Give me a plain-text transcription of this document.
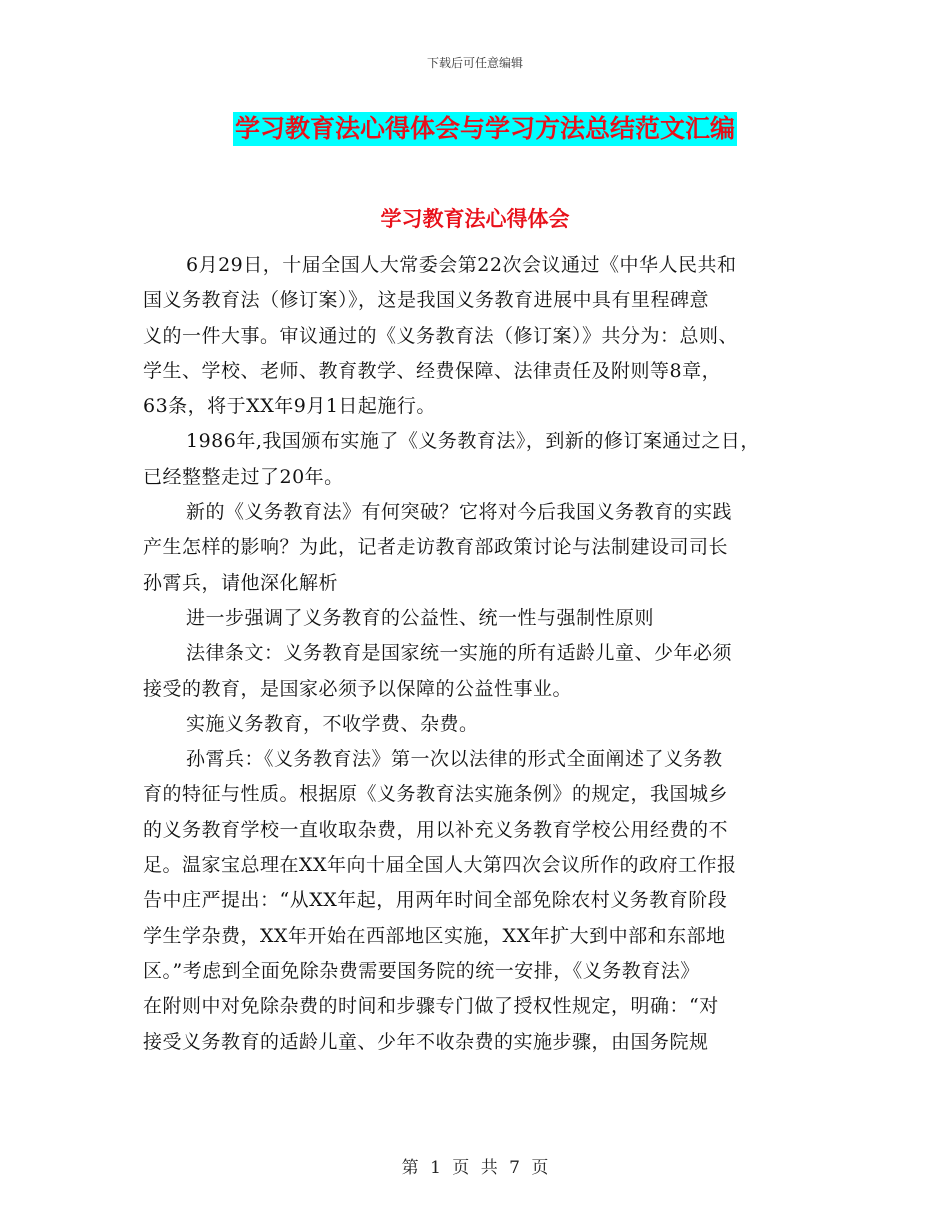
下载后可任意编辑
学习教育法心得体会与学习方法总结范文汇编
学习教育法心得体会
6月29日，十届全国人大常委会第22次会议通过《中华人民共和
国义务教育法（修订案）》，这是我国义务教育进展中具有里程碑意
义的一件大事。审议通过的《义务教育法（修订案）》共分为：总则、
学生、学校、老师、教育教学、经费保障、法律责任及附则等8章，
63条，将于XX年9月1日起施行。
1986年,我国颁布实施了《义务教育法》，到新的修订案通过之日，
已经整整走过了20年。
新的《义务教育法》有何突破？它将对今后我国义务教育的实践
产生怎样的影响？为此，记者走访教育部政策讨论与法制建设司司长
孙霄兵，请他深化解析
进一步强调了义务教育的公益性、统一性与强制性原则
法律条文：义务教育是国家统一实施的所有适龄儿童、少年必须
接受的教育，是国家必须予以保障的公益性事业。
实施义务教育，不收学费、杂费。
孙霄兵：《义务教育法》第一次以法律的形式全面阐述了义务教
育的特征与性质。根据原《义务教育法实施条例》的规定，我国城乡
的义务教育学校一直收取杂费，用以补充义务教育学校公用经费的不
足。温家宝总理在XX年向十届全国人大第四次会议所作的政府工作报
告中庄严提出：“从XX年起，用两年时间全部免除农村义务教育阶段
学生学杂费，XX年开始在西部地区实施，XX年扩大到中部和东部地
区。”考虑到全面免除杂费需要国务院的统一安排，《义务教育法》
在附则中对免除杂费的时间和步骤专门做了授权性规定，明确：“对
接受义务教育的适龄儿童、少年不收杂费的实施步骤，由国务院规
第 1 页 共 7 页
